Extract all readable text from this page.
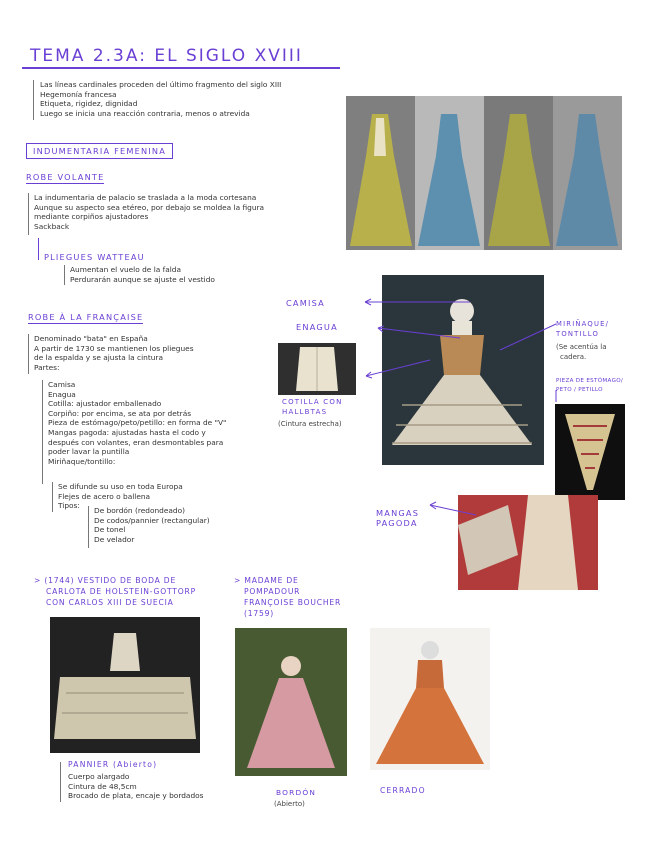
TEMA 2.3A: EL SIGLO XVIII
Las líneas cardinales proceden del último fragmento del siglo XIII
Hegemonía francesa
Etiqueta, rigidez, dignidad
Luego se inicia una reacción contraria, menos o atrevida
INDUMENTARIA FEMENINA
ROBE VOLANTE
La indumentaria de palacio se traslada a la moda cortesana
Aunque su aspecto sea etéreo, por debajo se moldea la figura
mediante corpiños ajustadores
Sackback
PLIEGUES WATTEAU
Aumentan el vuelo de la falda
Perdurarán aunque se ajuste el vestido
ROBE À LA FRANÇAISE
Denominado "bata" en España
A partir de 1730 se mantienen los pliegues
de la espalda y se ajusta la cintura
Partes:
Camisa
Enagua
Cotilla: ajustador emballenado
Corpiño: por encima, se ata por detrás
Pieza de estómago/peto/petillo: en forma de "V"
Mangas pagoda: ajustadas hasta el codo y
después con volantes, eran desmontables para
poder lavar la puntilla
Miriñaque/tontillo:
Se difunde su uso en toda Europa
Flejes de acero o ballena
Tipos:
De bordón (redondeado)
De codos/pannier (rectangular)
De tonel
De velador
CAMISA
ENAGUA
COTILLA CON
HALLBTAS
(Cintura estrecha)
MIRIÑAQUE/
TONTILLO
(Se acentúa la
cadera.
PIEZA DE ESTÓMAGO/
PETO / PETILLO
MANGAS
PAGODA
> (1744) VESTIDO DE BODA DE
CARLOTA DE HOLSTEIN-GOTTORP
CON CARLOS XIII DE SUECIA
PANNIER (Abierto)
Cuerpo alargado
Cintura de 48,5cm
Brocado de plata, encaje y bordados
> MADAME DE
POMPADOUR
FRANÇOISE BOUCHER
(1759)
BORDÓN
(Abierto)
CERRADO
